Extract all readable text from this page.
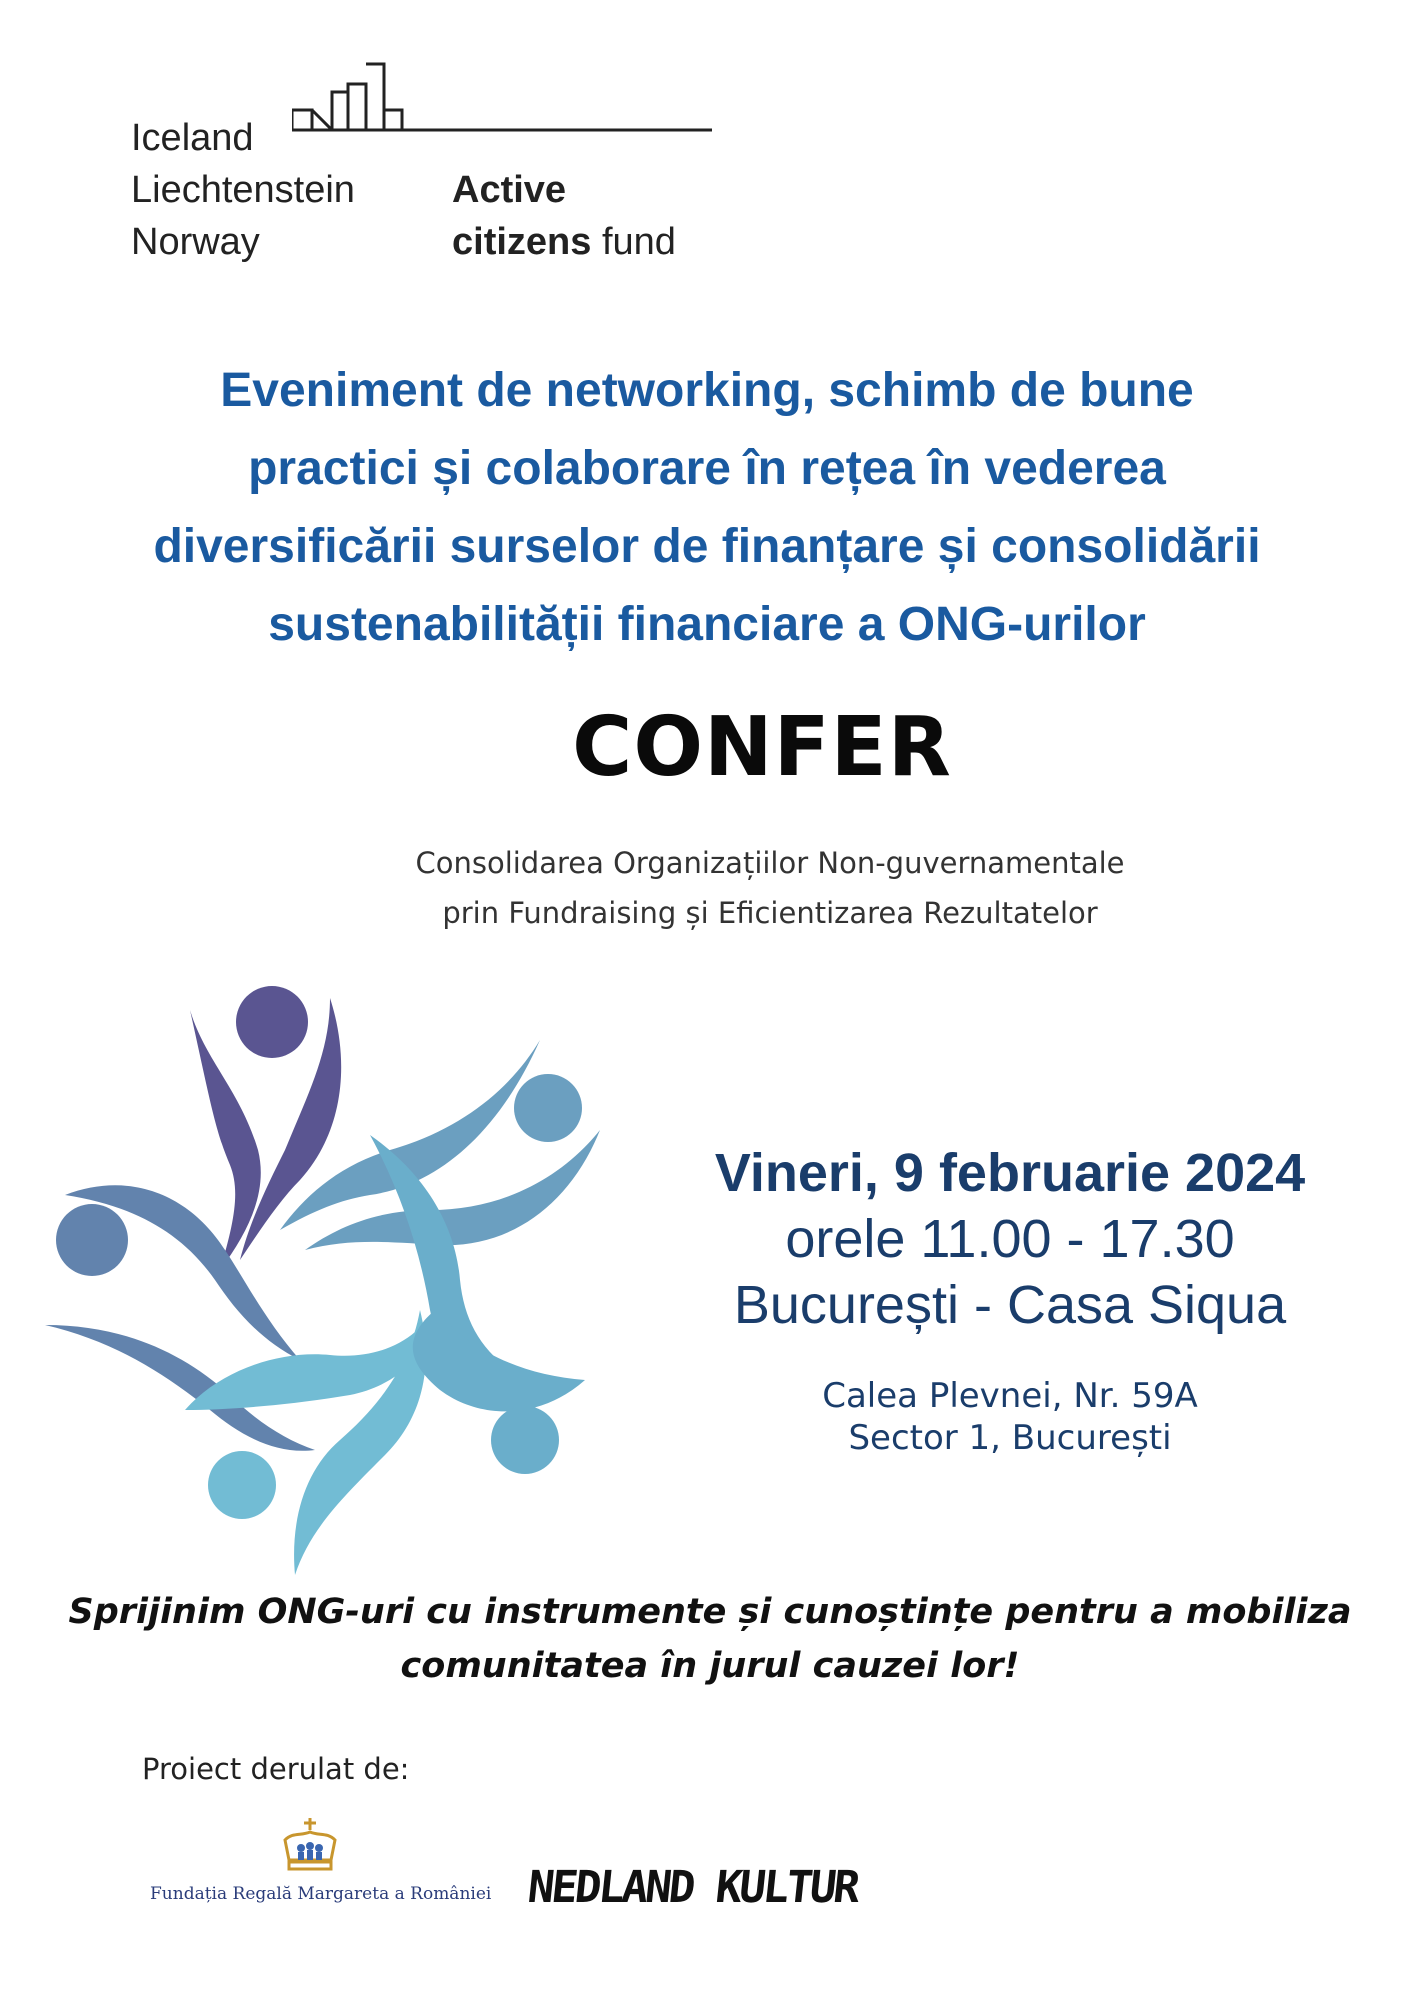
Iceland
Liechtenstein
Norway
Active
citizens fund
Eveniment de networking, schimb de bune
practici și colaborare în rețea în vederea
diversificării surselor de finanțare și consolidării
sustenabilității financiare a ONG-urilor
CONFER
Consolidarea Organizațiilor Non-guvernamentale
prin Fundraising și Eficientizarea Rezultatelor
Vineri, 9 februarie 2024
orele 11.00 - 17.30
București - Casa Siqua
Calea Plevnei, Nr. 59A
Sector 1, București
Sprijinim ONG-uri cu instrumente și cunoștințe pentru a mobiliza
comunitatea în jurul cauzei lor!
Proiect derulat de:
Fundația Regală Margareta a României NEDLAND KULTUR
